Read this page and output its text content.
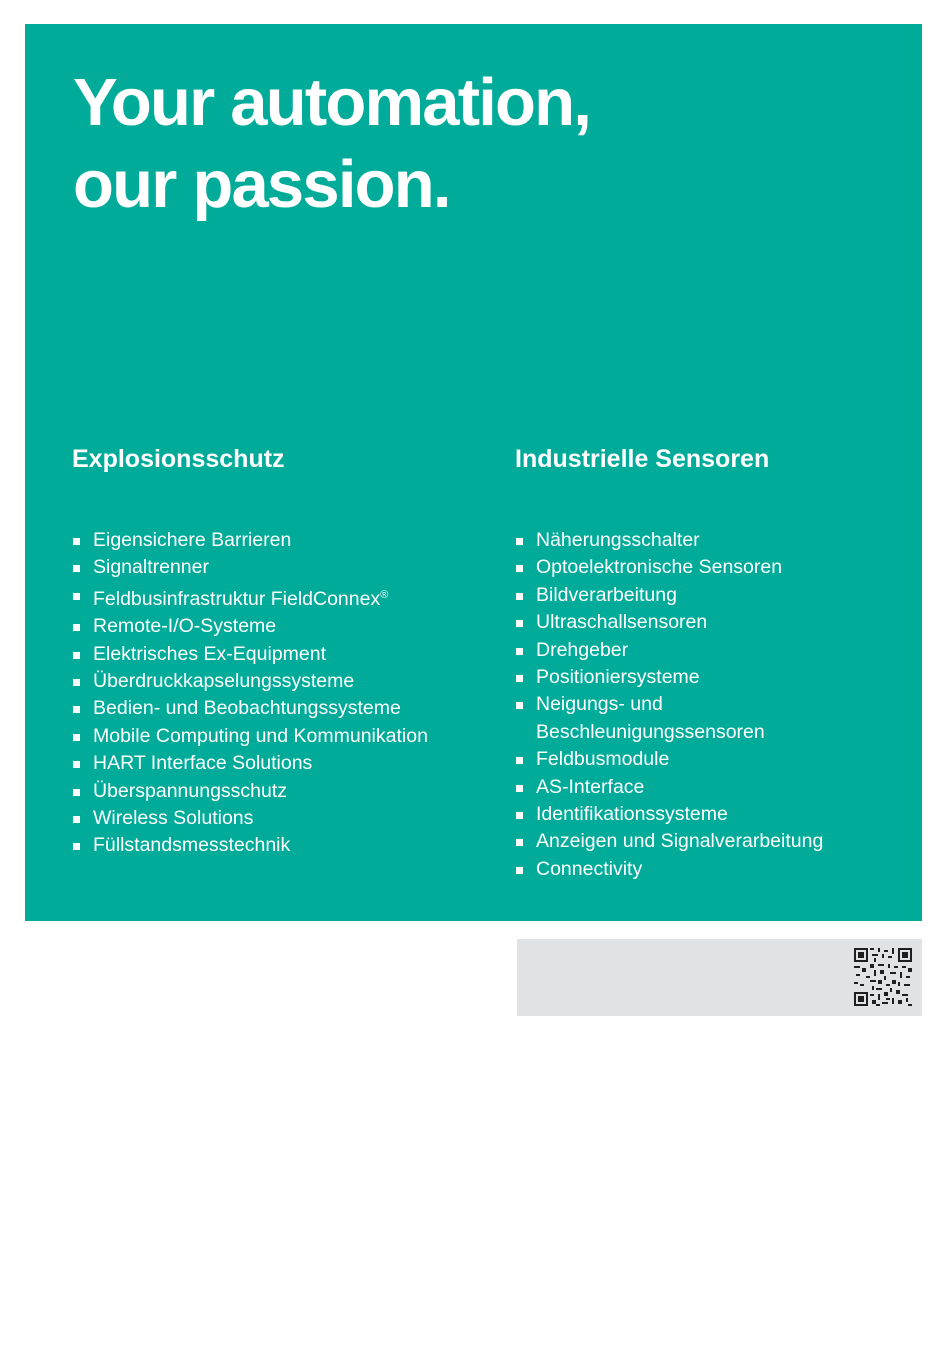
Your automation,
our passion.
Explosionsschutz
Eigensichere Barrieren
Signaltrenner
Feldbusinfrastruktur FieldConnex®
Remote-I/O-Systeme
Elektrisches Ex-Equipment
Überdruckkapselungssysteme
Bedien- und Beobachtungssysteme
Mobile Computing und Kommunikation
HART Interface Solutions
Überspannungsschutz
Wireless Solutions
Füllstandsmesstechnik
Industrielle Sensoren
Näherungsschalter
Optoelektronische Sensoren
Bildverarbeitung
Ultraschallsensoren
Drehgeber
Positioniersysteme
Neigungs- und
Beschleunigungssensoren
Feldbusmodule
AS-Interface
Identifikationssysteme
Anzeigen und Signalverarbeitung
Connectivity
